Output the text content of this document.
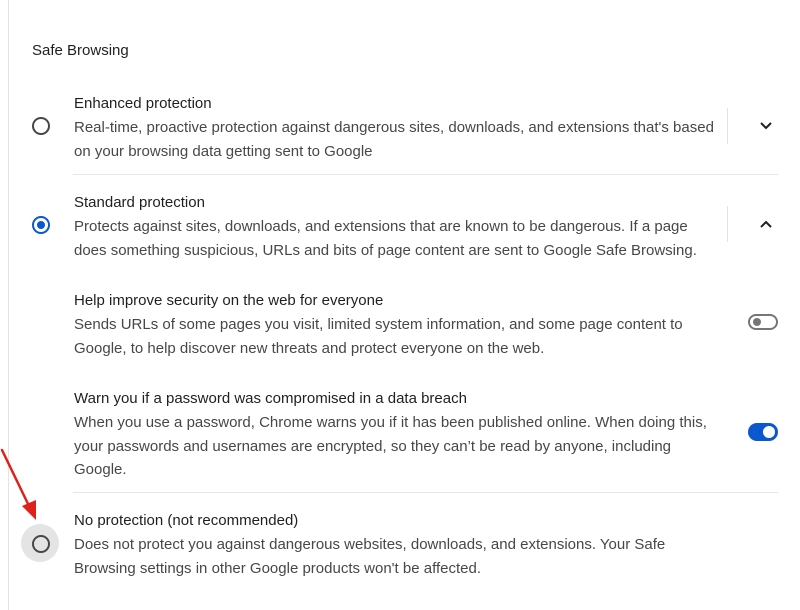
Safe Browsing
Enhanced protection
Real-time, proactive protection against dangerous sites, downloads, and extensions that's based on your browsing data getting sent to Google
Standard protection
Protects against sites, downloads, and extensions that are known to be dangerous. If a page does something suspicious, URLs and bits of page content are sent to Google Safe Browsing.
Help improve security on the web for everyone
Sends URLs of some pages you visit, limited system information, and some page content to Google, to help discover new threats and protect everyone on the web.
Warn you if a password was compromised in a data breach
When you use a password, Chrome warns you if it has been published online. When doing this, your passwords and usernames are encrypted, so they can’t be read by anyone, including Google.
No protection (not recommended)
Does not protect you against dangerous websites, downloads, and extensions. Your Safe Browsing settings in other Google products won't be affected.
